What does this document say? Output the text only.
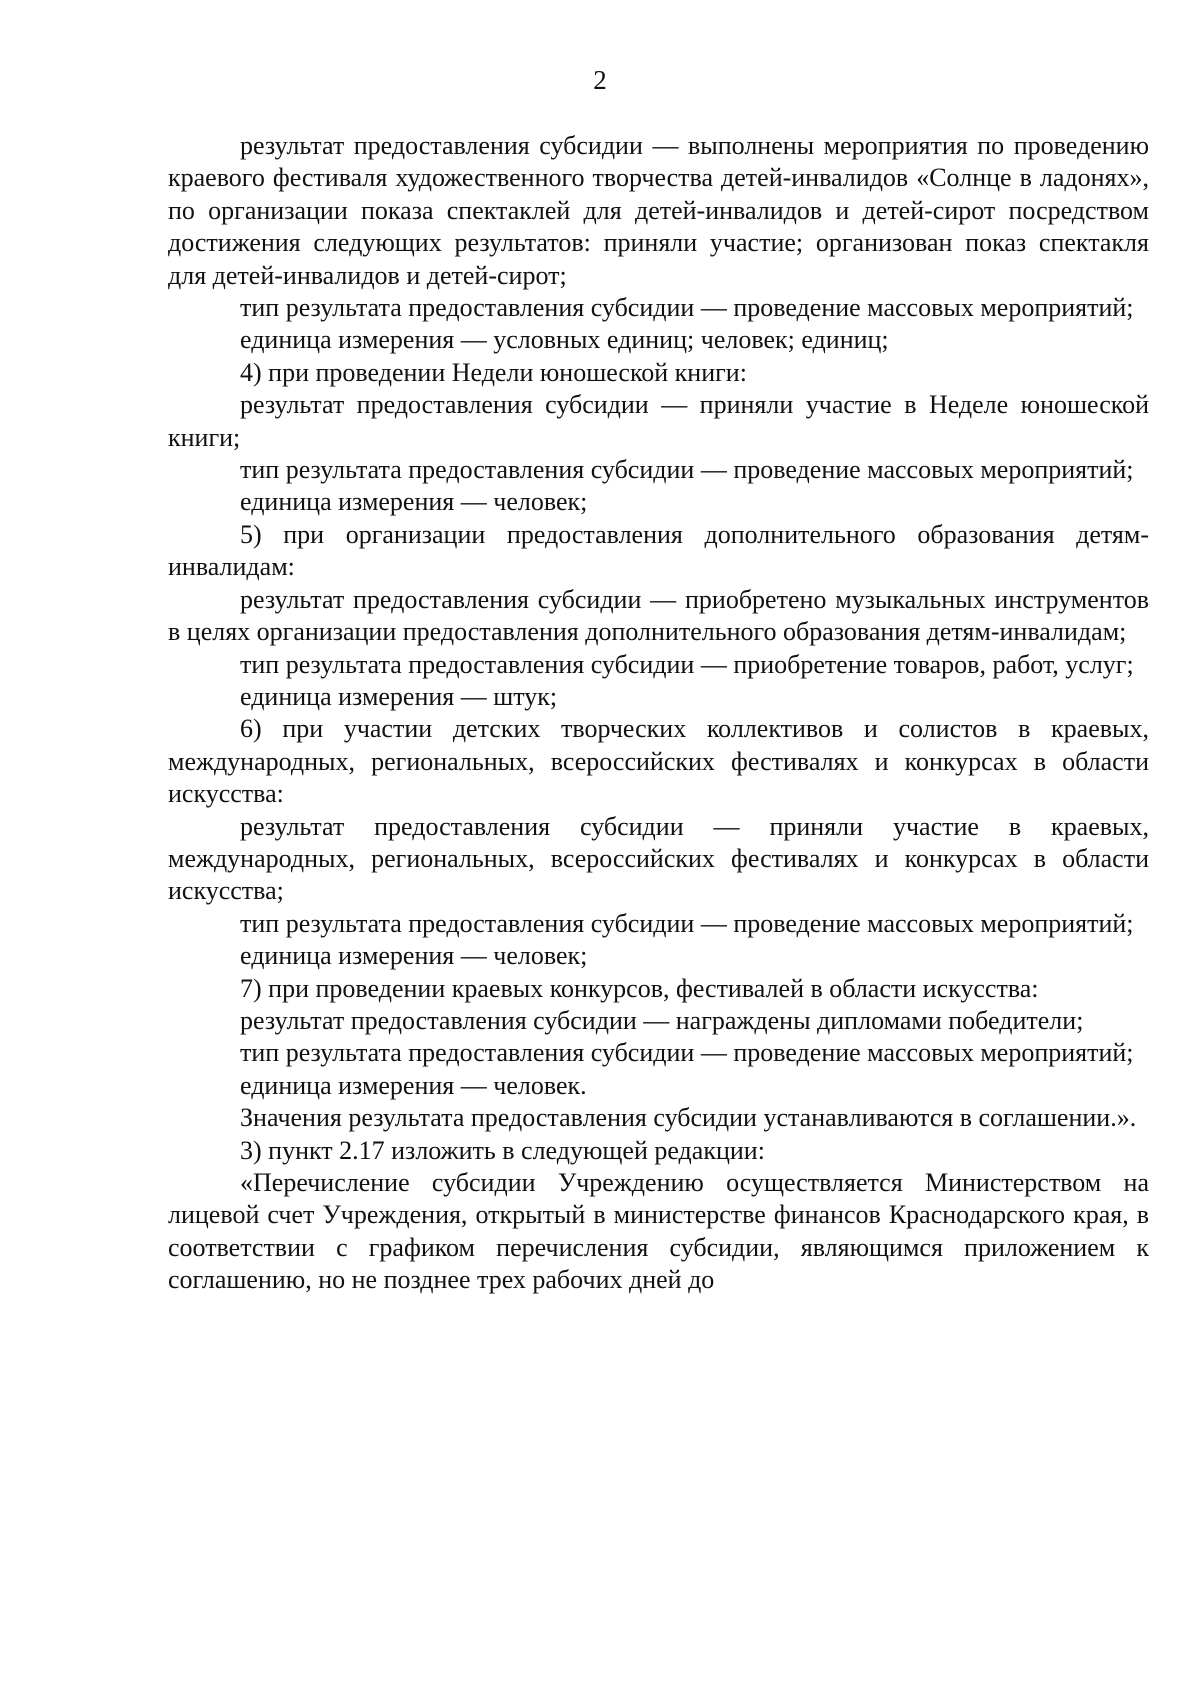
2

результат предоставления субсидии — выполнены мероприятия по проведению краевого фестиваля художественного творчества детей-инвалидов «Солнце в ладонях», по организации показа спектаклей для детей-инвалидов и детей-сирот посредством достижения следующих результатов: приняли участие; организован показ спектакля для детей-инвалидов и детей-сирот;

тип результата предоставления субсидии — проведение массовых мероприятий;

единица измерения — условных единиц; человек; единиц;

4) при проведении Недели юношеской книги:

результат предоставления субсидии — приняли участие в Неделе юношеской книги;

тип результата предоставления субсидии — проведение массовых мероприятий;

единица измерения — человек;

5) при организации предоставления дополнительного образования детям-инвалидам:

результат предоставления субсидии — приобретено музыкальных инструментов в целях организации предоставления дополнительного образования детям-инвалидам;

тип результата предоставления субсидии — приобретение товаров, работ, услуг;

единица измерения — штук;

6) при участии детских творческих коллективов и солистов в краевых, международных, региональных, всероссийских фестивалях и конкурсах в области искусства:

результат предоставления субсидии — приняли участие в краевых, международных, региональных, всероссийских фестивалях и конкурсах в области искусства;

тип результата предоставления субсидии — проведение массовых мероприятий;

единица измерения — человек;

7) при проведении краевых конкурсов, фестивалей в области искусства:

результат предоставления субсидии — награждены дипломами победители;

тип результата предоставления субсидии — проведение массовых мероприятий;

единица измерения — человек.

Значения результата предоставления субсидии устанавливаются в соглашении.».

3) пункт 2.17 изложить в следующей редакции:

«Перечисление субсидии Учреждению осуществляется Министерством на лицевой счет Учреждения, открытый в министерстве финансов Краснодарского края, в соответствии с графиком перечисления субсидии, являющимся приложением к соглашению, но не позднее трех рабочих дней до
